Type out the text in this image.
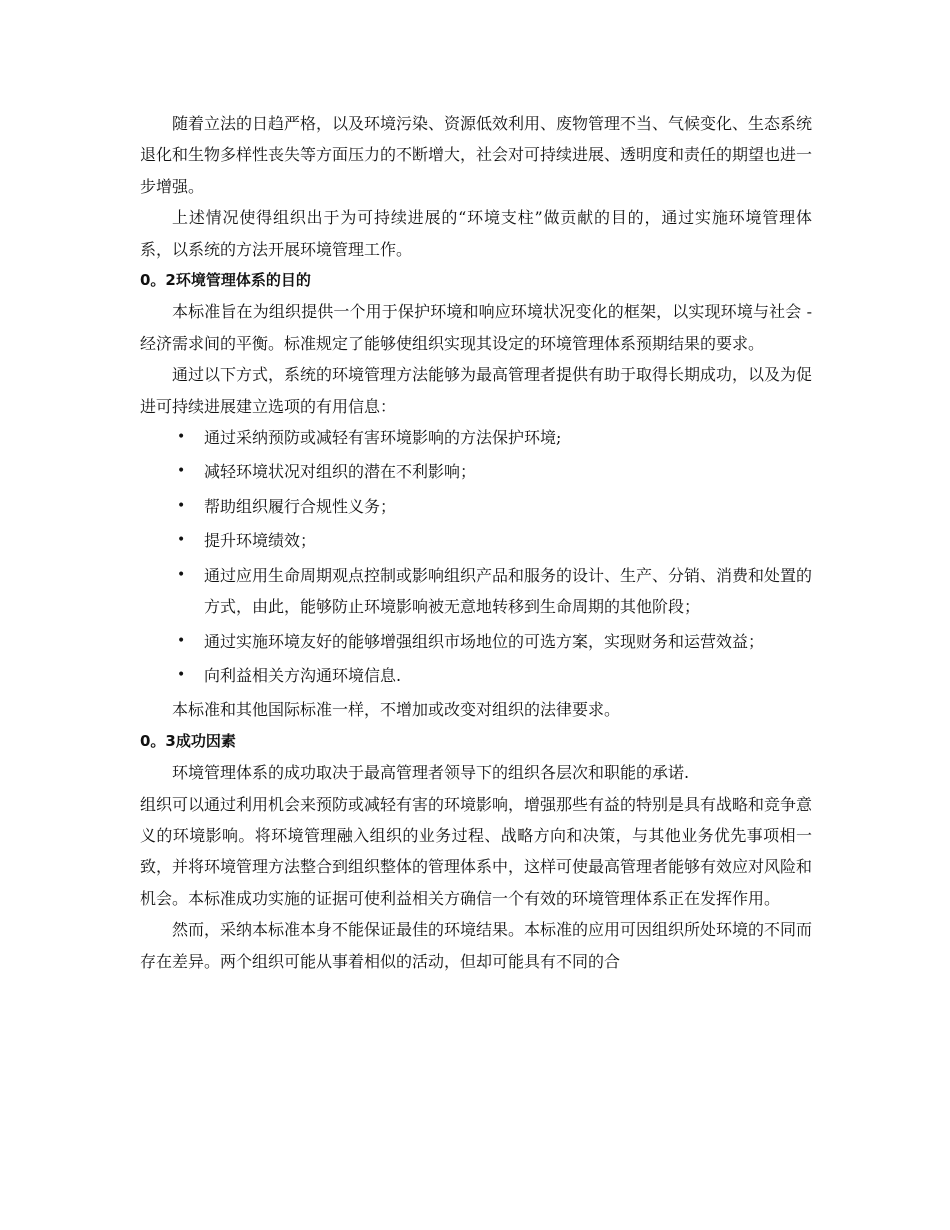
随着立法的日趋严格，以及环境污染、资源低效利用、废物管理不当、气候变化、生态系统退化和生物多样性丧失等方面压力的不断增大，社会对可持续进展、透明度和责任的期望也进一步增强。

上述情况使得组织出于为可持续进展的“环境支柱”做贡献的目的，通过实施环境管理体系，以系统的方法开展环境管理工作。

0。2环境管理体系的目的

本标准旨在为组织提供一个用于保护环境和响应环境状况变化的框架，以实现环境与社会 - 经济需求间的平衡。标准规定了能够使组织实现其设定的环境管理体系预期结果的要求。

通过以下方式，系统的环境管理方法能够为最高管理者提供有助于取得长期成功，以及为促进可持续进展建立选项的有用信息：

• 通过采纳预防或减轻有害环境影响的方法保护环境;
• 减轻环境状况对组织的潜在不利影响；
• 帮助组织履行合规性义务；
• 提升环境绩效；
• 通过应用生命周期观点控制或影响组织产品和服务的设计、生产、分销、消费和处置的方式，由此，能够防止环境影响被无意地转移到生命周期的其他阶段；
• 通过实施环境友好的能够增强组织市场地位的可选方案，实现财务和运营效益；
• 向利益相关方沟通环境信息.

本标准和其他国际标准一样，不增加或改变对组织的法律要求。

0。3成功因素

环境管理体系的成功取决于最高管理者领导下的组织各层次和职能的承诺.

组织可以通过利用机会来预防或减轻有害的环境影响，增强那些有益的特别是具有战略和竞争意义的环境影响。将环境管理融入组织的业务过程、战略方向和决策，与其他业务优先事项相一致，并将环境管理方法整合到组织整体的管理体系中，这样可使最高管理者能够有效应对风险和机会。本标准成功实施的证据可使利益相关方确信一个有效的环境管理体系正在发挥作用。

然而，采纳本标准本身不能保证最佳的环境结果。本标准的应用可因组织所处环境的不同而存在差异。两个组织可能从事着相似的活动，但却可能具有不同的合
